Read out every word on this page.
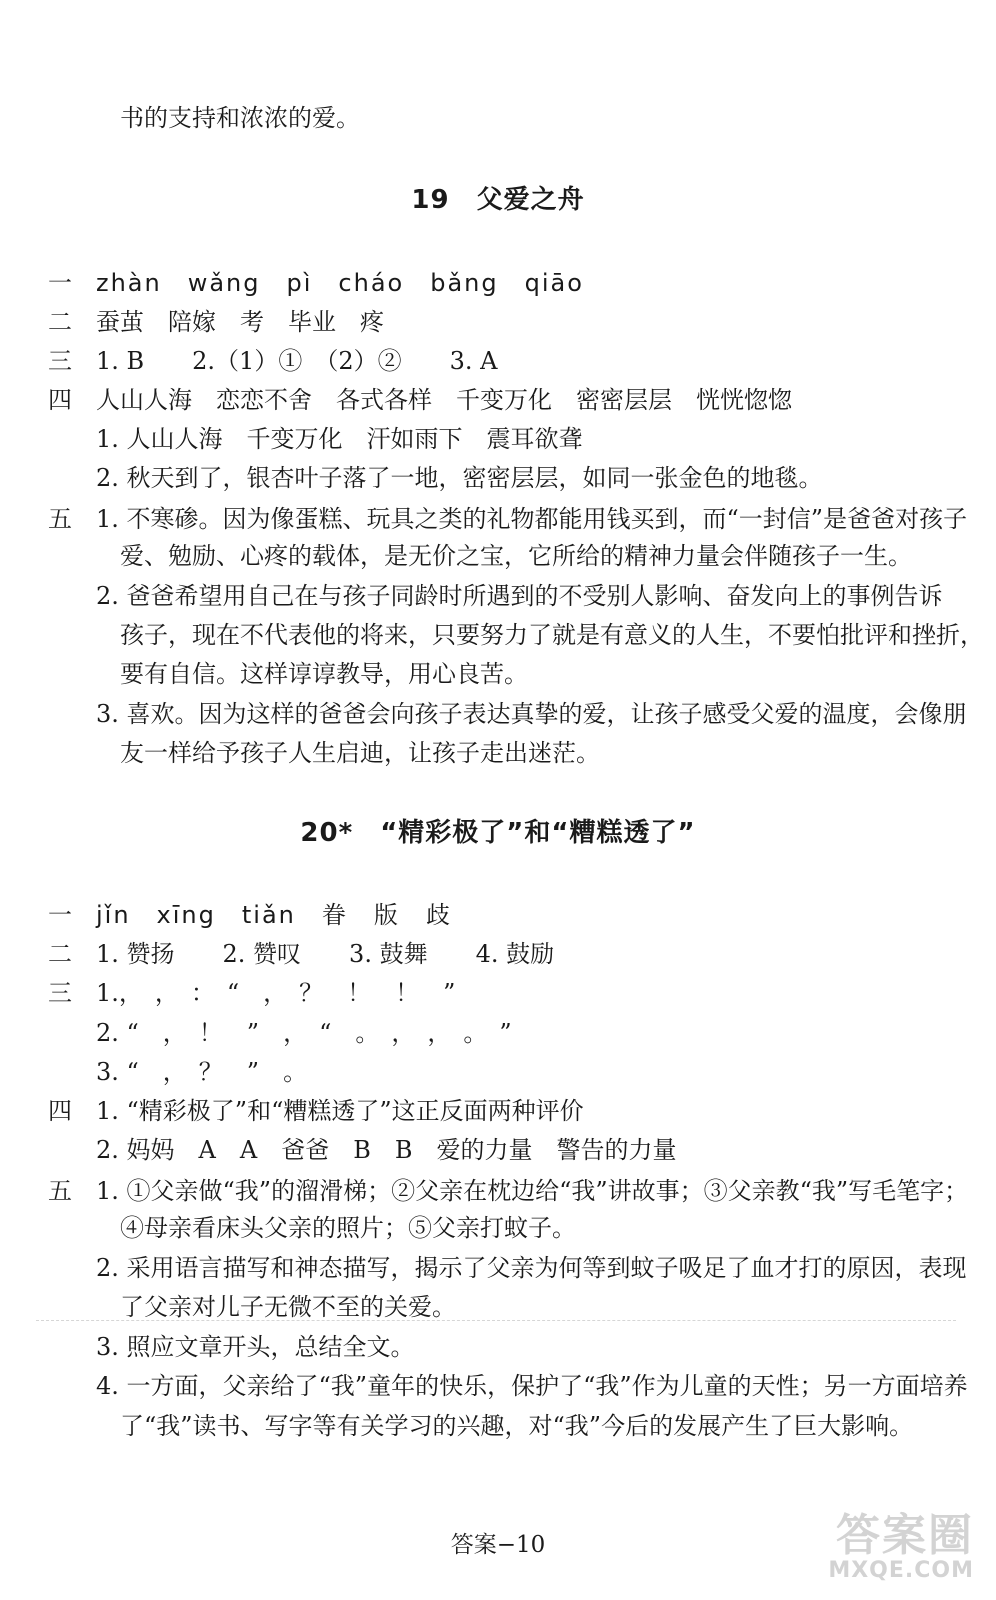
书的支持和浓浓的爱。
19　父爱之舟
一 zhàn　wǎng　pì　cháo　bǎng　qiāo
二 蚕茧　陪嫁　考　毕业　疼
三 1. B　　2.（1）①　（2）②　　3. A
四 人山人海　恋恋不舍　各式各样　千变万化　密密层层　恍恍惚惚
1. 人山人海　千变万化　汗如雨下　震耳欲聋
2. 秋天到了，银杏叶子落了一地，密密层层，如同一张金色的地毯。
五 1. 不寒碜。因为像蛋糕、玩具之类的礼物都能用钱买到，而“一封信”是爸爸对孩子
爱、勉励、心疼的载体，是无价之宝，它所给的精神力量会伴随孩子一生。
2. 爸爸希望用自己在与孩子同龄时所遇到的不受别人影响、奋发向上的事例告诉
孩子，现在不代表他的将来，只要努力了就是有意义的人生，不要怕批评和挫折，
要有自信。这样谆谆教导，用心良苦。
3. 喜欢。因为这样的爸爸会向孩子表达真挚的爱，让孩子感受父爱的温度，会像朋
友一样给予孩子人生启迪，让孩子走出迷茫。
20*　“精彩极了”和“糟糕透了”
一 jǐn　xīng　tiǎn　眷　版　歧
二 1. 赞扬　　2. 赞叹　　3. 鼓舞　　4. 鼓励
三 1.，　，　：　“　，　？　！　！　”
2. “　，　！　”　，　“　。　，　，　。　”
3. “　，　？　”　。
四 1. “精彩极了”和“糟糕透了”这正反面两种评价
2. 妈妈　A　A　爸爸　B　B　爱的力量　警告的力量
五 1. ①父亲做“我”的溜滑梯；②父亲在枕边给“我”讲故事；③父亲教“我”写毛笔字；
④母亲看床头父亲的照片；⑤父亲打蚊子。
2. 采用语言描写和神态描写，揭示了父亲为何等到蚊子吸足了血才打的原因，表现
了父亲对儿子无微不至的关爱。
3. 照应文章开头，总结全文。
4. 一方面，父亲给了“我”童年的快乐，保护了“我”作为儿童的天性；另一方面培养
了“我”读书、写字等有关学习的兴趣，对“我”今后的发展产生了巨大影响。
答案−10	答案圈
MXQE.COM
